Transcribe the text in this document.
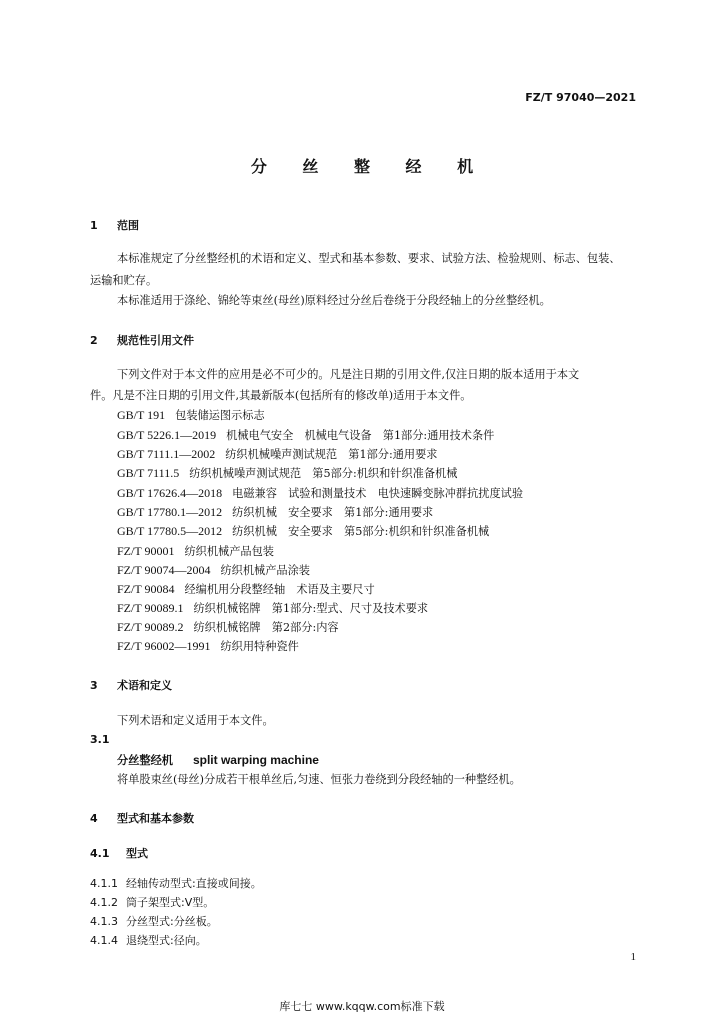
FZ/T 97040—2021
分 丝 整 经 机
1 范围
本标准规定了分丝整经机的术语和定义、型式和基本参数、要求、试验方法、检验规则、标志、包装、
运输和贮存。
本标准适用于涤纶、锦纶等束丝(母丝)原料经过分丝后卷绕于分段经轴上的分丝整经机。
2 规范性引用文件
下列文件对于本文件的应用是必不可少的。凡是注日期的引用文件,仅注日期的版本适用于本文
件。凡是不注日期的引用文件,其最新版本(包括所有的修改单)适用于本文件。
GB/T 191 包装储运图示标志
GB/T 5226.1—2019 机械电气安全　机械电气设备　第1部分:通用技术条件
GB/T 7111.1—2002 纺织机械噪声测试规范　第1部分:通用要求
GB/T 7111.5 纺织机械噪声测试规范　第5部分:机织和针织准备机械
GB/T 17626.4—2018 电磁兼容　试验和测量技术　电快速瞬变脉冲群抗扰度试验
GB/T 17780.1—2012 纺织机械　安全要求　第1部分:通用要求
GB/T 17780.5—2012 纺织机械　安全要求　第5部分:机织和针织准备机械
FZ/T 90001 纺织机械产品包装
FZ/T 90074—2004 纺织机械产品涂装
FZ/T 90084 经编机用分段整经轴　术语及主要尺寸
FZ/T 90089.1 纺织机械铭牌　第1部分:型式、尺寸及技术要求
FZ/T 90089.2 纺织机械铭牌　第2部分:内容
FZ/T 96002—1991 纺织用特种瓷件
3 术语和定义
下列术语和定义适用于本文件。
3.1
分丝整经机 split warping machine
将单股束丝(母丝)分成若干根单丝后,匀速、恒张力卷绕到分段经轴的一种整经机。
4 型式和基本参数
4.1 型式
4.1.1 经轴传动型式:直接或间接。
4.1.2 筒子架型式:V型。
4.1.3 分丝型式:分丝板。
4.1.4 退绕型式:径向。
1
库七七 www.kqqw.com标准下载
